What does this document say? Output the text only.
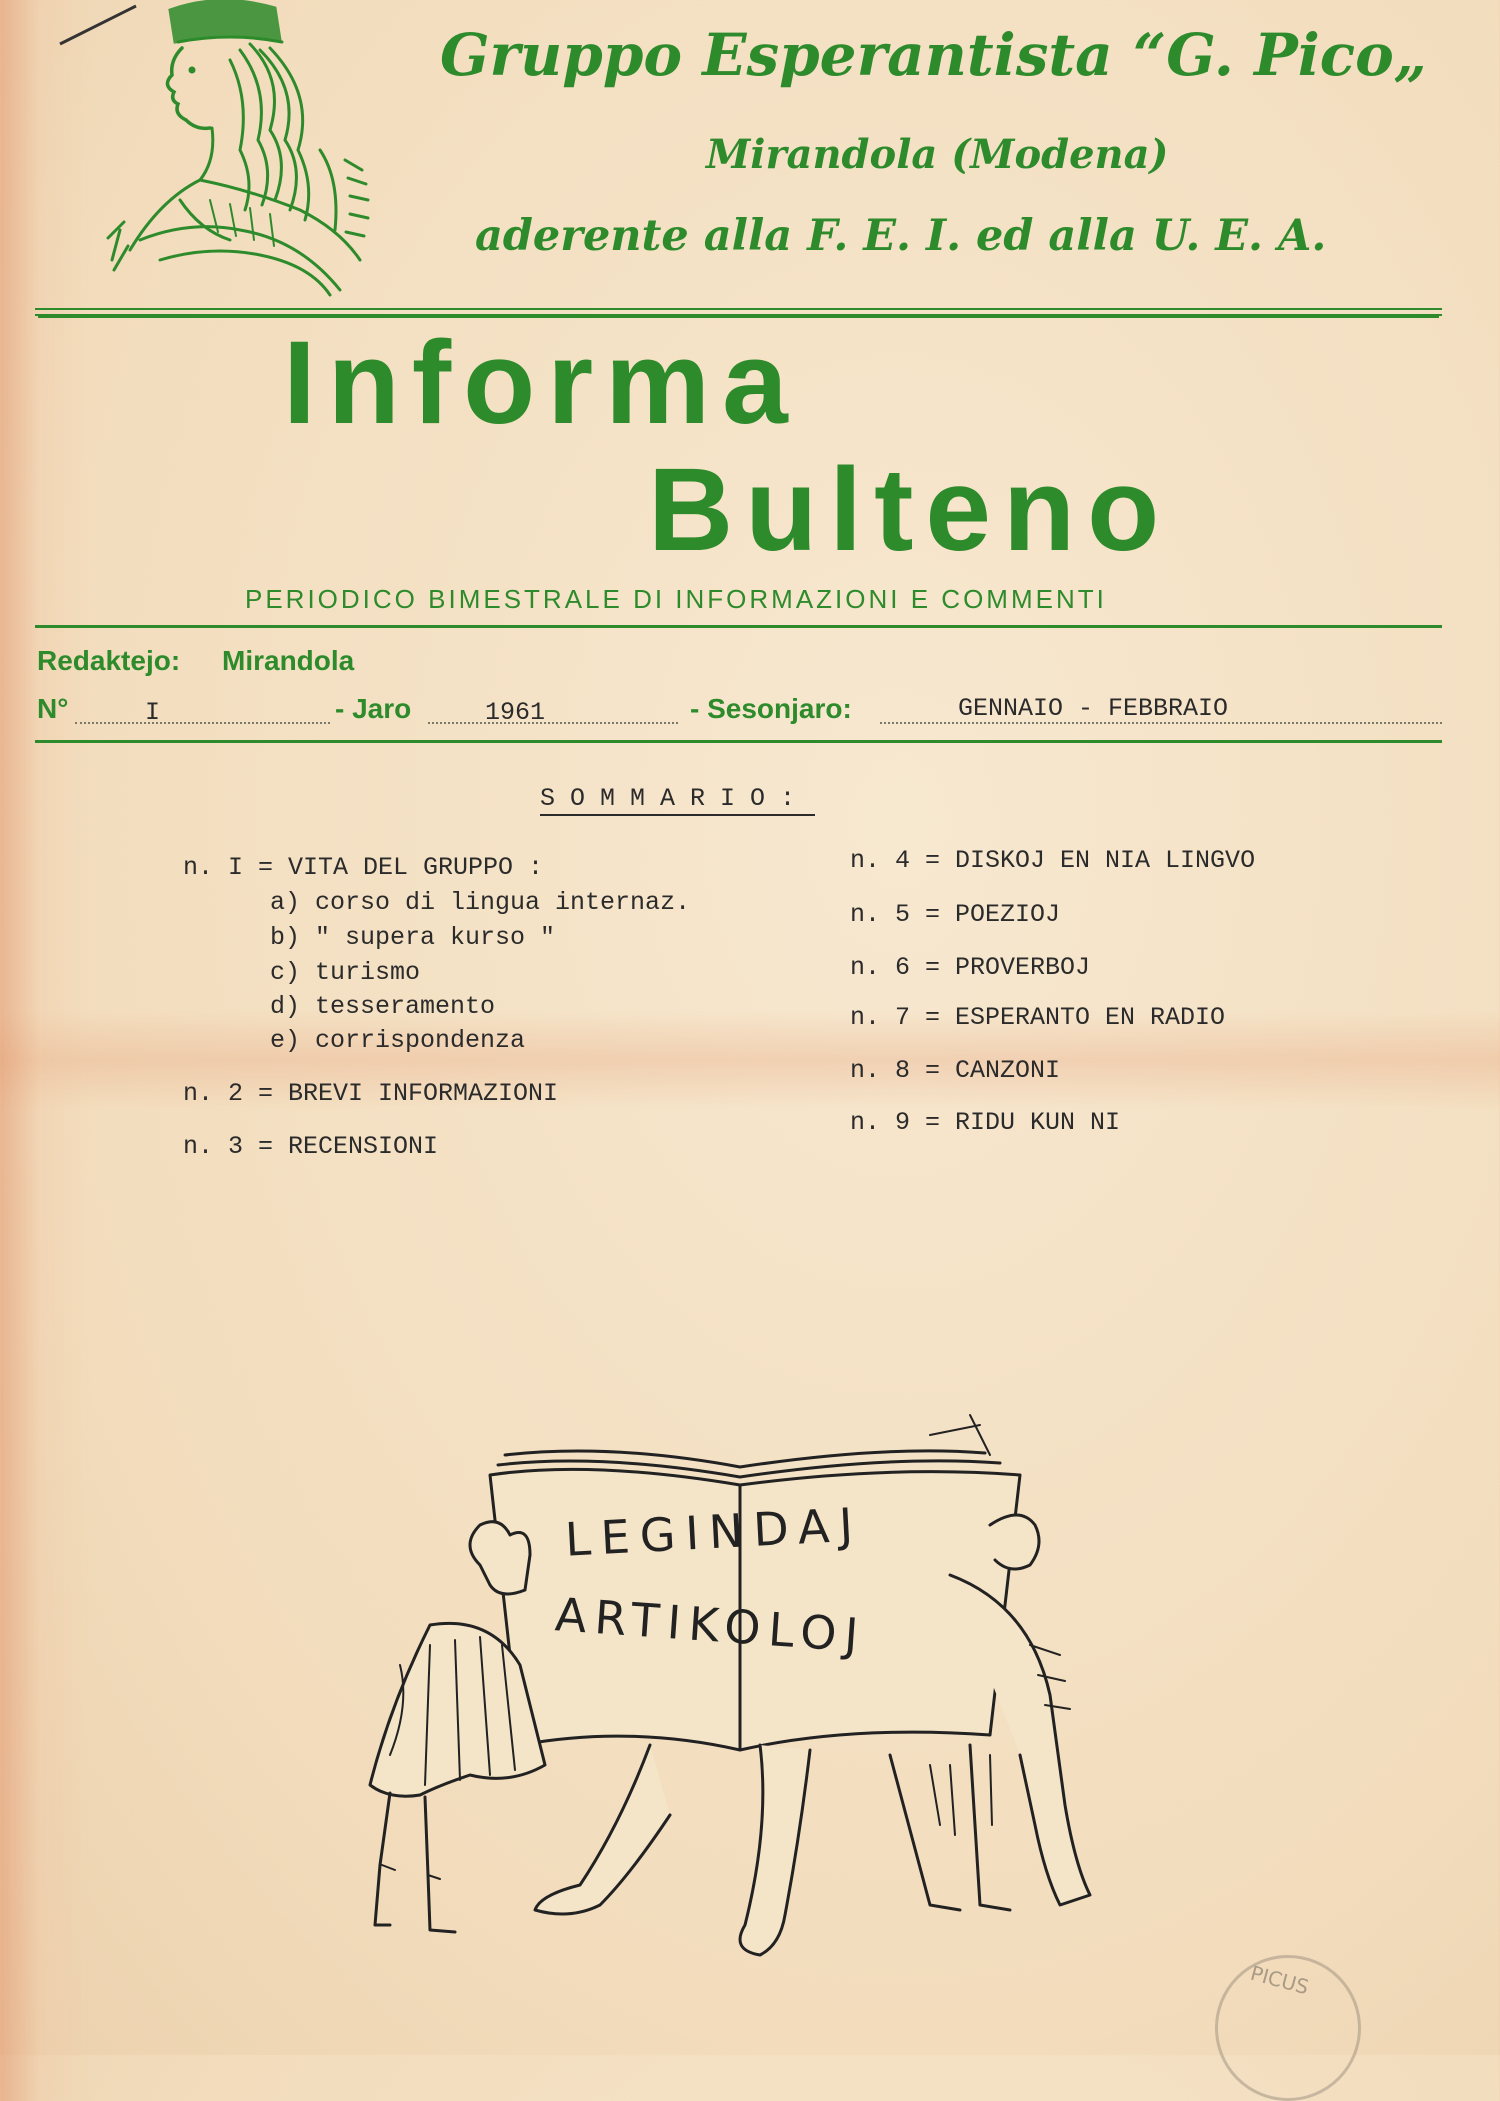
Gruppo Esperantista “G. Pico„
Mirandola (Modena)
aderente alla F. E. I. ed alla U. E. A.
Informa
Bulteno
PERIODICO BIMESTRALE DI INFORMAZIONI E COMMENTI
Redaktejo: Mirandola
N°	I	- Jaro	1961	- Sesonjaro:	GENNAIO - FEBBRAIO
S O M M A R I O :
n. I = VITA DEL GRUPPO :
a) corso di lingua internaz.
b) " supera kurso "
c) turismo
d) tesseramento
e) corrispondenza
n. 2 = BREVI INFORMAZIONI
n. 3 = RECENSIONI
n. 4 = DISKOJ EN NIA LINGVO
n. 5 = POEZIOJ
n. 6 = PROVERBOJ
n. 7 = ESPERANTO EN RADIO
n. 8 = CANZONI
n. 9 = RIDU KUN NI
LEGINDAJ
ARTIKOLOJ
PICUS
